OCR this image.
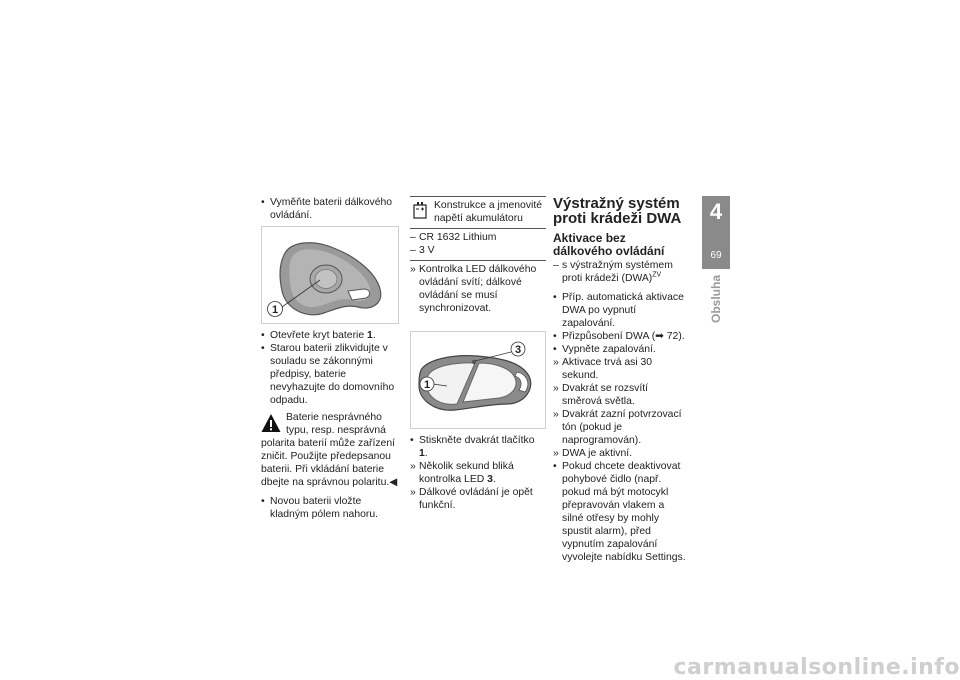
• Vyměňte baterii dálkového ovládání.
1
• Otevřete kryt baterie 1.
• Starou baterii zlikvidujte v souladu se zákonnými předpisy, baterie nevyhazujte do domovního odpadu.
Baterie nesprávného typu, resp. nesprávná polarita baterií může zařízení zničit. Použijte předepsanou baterii. Při vkládání baterie dbejte na správnou polaritu.◀
• Novou baterii vložte kladným pólem nahoru.
Konstrukce a jmenovité napětí akumulátoru
– CR 1632 Lithium
– 3 V
» Kontrolka LED dálkového ovládání svítí; dálkové ovládání se musí synchronizovat.
1
3
• Stiskněte dvakrát tlačítko 1.
» Několik sekund bliká kontrolka LED 3.
» Dálkové ovládání je opět funkční.
Výstražný systém proti krádeži DWA
Aktivace bez dálkového ovládání
– s výstražným systémem proti krádeži (DWA)$^{ZV}$
• Příp. automatická aktivace DWA po vypnutí zapalování.
• Přizpůsobení DWA (➡ 72).
• Vypněte zapalování.
» Aktivace trvá asi 30 sekund.
» Dvakrát se rozsvítí směrová světla.
» Dvakrát zazní potvrzovací tón (pokud je naprogramován).
» DWA je aktivní.
• Pokud chcete deaktivovat pohybové čidlo (např. pokud má být motocykl přepravován vlakem a silné otřesy by mohly spustit alarm), před vypnutím zapalování vyvolejte nabídku Settings.
4
69
Obsluha
carmanualsonline.info
